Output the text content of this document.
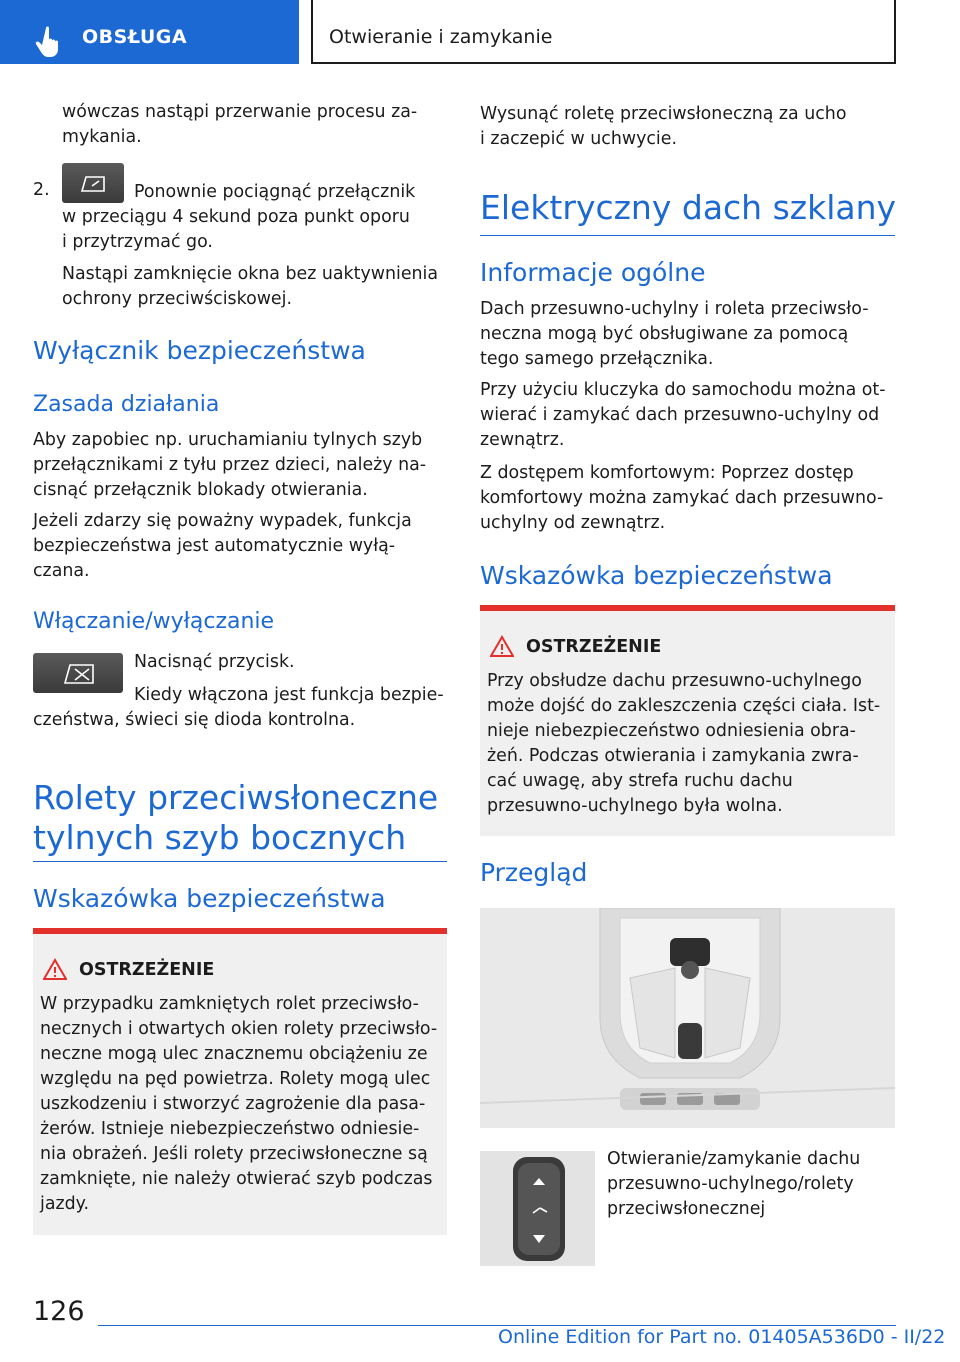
OBSŁUGA	Otwieranie i zamykanie

wówczas nastąpi przerwanie procesu za-
mykania.

2.	Ponownie pociągnąć przełącznik

w przeciągu 4 sekund poza punkt oporu
i przytrzymać go.

Nastąpi zamknięcie okna bez uaktywnienia
ochrony przeciwściskowej.

Wyłącznik bezpieczeństwa
Zasada działania

Aby zapobiec np. uruchamianiu tylnych szyb
przełącznikami z tyłu przez dzieci, należy na-
cisnąć przełącznik blokady otwierania.

Jeżeli zdarzy się poważny wypadek, funkcja
bezpieczeństwa jest automatycznie wyłą-
czana.

Włączanie/wyłączanie

Nacisnąć przycisk.

Kiedy włączona jest funkcja bezpie-

czeństwa, świeci się dioda kontrolna.

Rolety przeciwsłoneczne
tylnych szyb bocznych
Wskazówka bezpieczeństwa
OSTRZEŻENIE

W przypadku zamkniętych rolet przeciwsło-
necznych i otwartych okien rolety przeciwsło-
neczne mogą ulec znacznemu obciążeniu ze
względu na pęd powietrza. Rolety mogą ulec
uszkodzeniu i stworzyć zagrożenie dla pasa-
żerów. Istnieje niebezpieczeństwo odniesie-
nia obrażeń. Jeśli rolety przeciwsłoneczne są
zamknięte, nie należy otwierać szyb podczas
jazdy.

Wysunąć roletę przeciwsłoneczną za ucho
i zaczepić w uchwycie.

Elektryczny dach szklany
Informacje ogólne

Dach przesuwno-uchylny i roleta przeciwsło-
neczna mogą być obsługiwane za pomocą
tego samego przełącznika.

Przy użyciu kluczyka do samochodu można ot-
wierać i zamykać dach przesuwno-uchylny od
zewnątrz.

Z dostępem komfortowym: Poprzez dostęp
komfortowy można zamykać dach przesuwno-
uchylny od zewnątrz.

Wskazówka bezpieczeństwa
OSTRZEŻENIE

Przy obsłudze dachu przesuwno-uchylnego
może dojść do zakleszczenia części ciała. Ist-
nieje niebezpieczeństwo odniesienia obra-
żeń. Podczas otwierania i zamykania zwra-
cać uwagę, aby strefa ruchu dachu
przesuwno-uchylnego była wolna.

Przegląd

Otwieranie/zamykanie dachu
przesuwno-uchylnego/rolety
przeciwsłonecznej

126
Online Edition for Part no. 01405A536D0 - II/22
